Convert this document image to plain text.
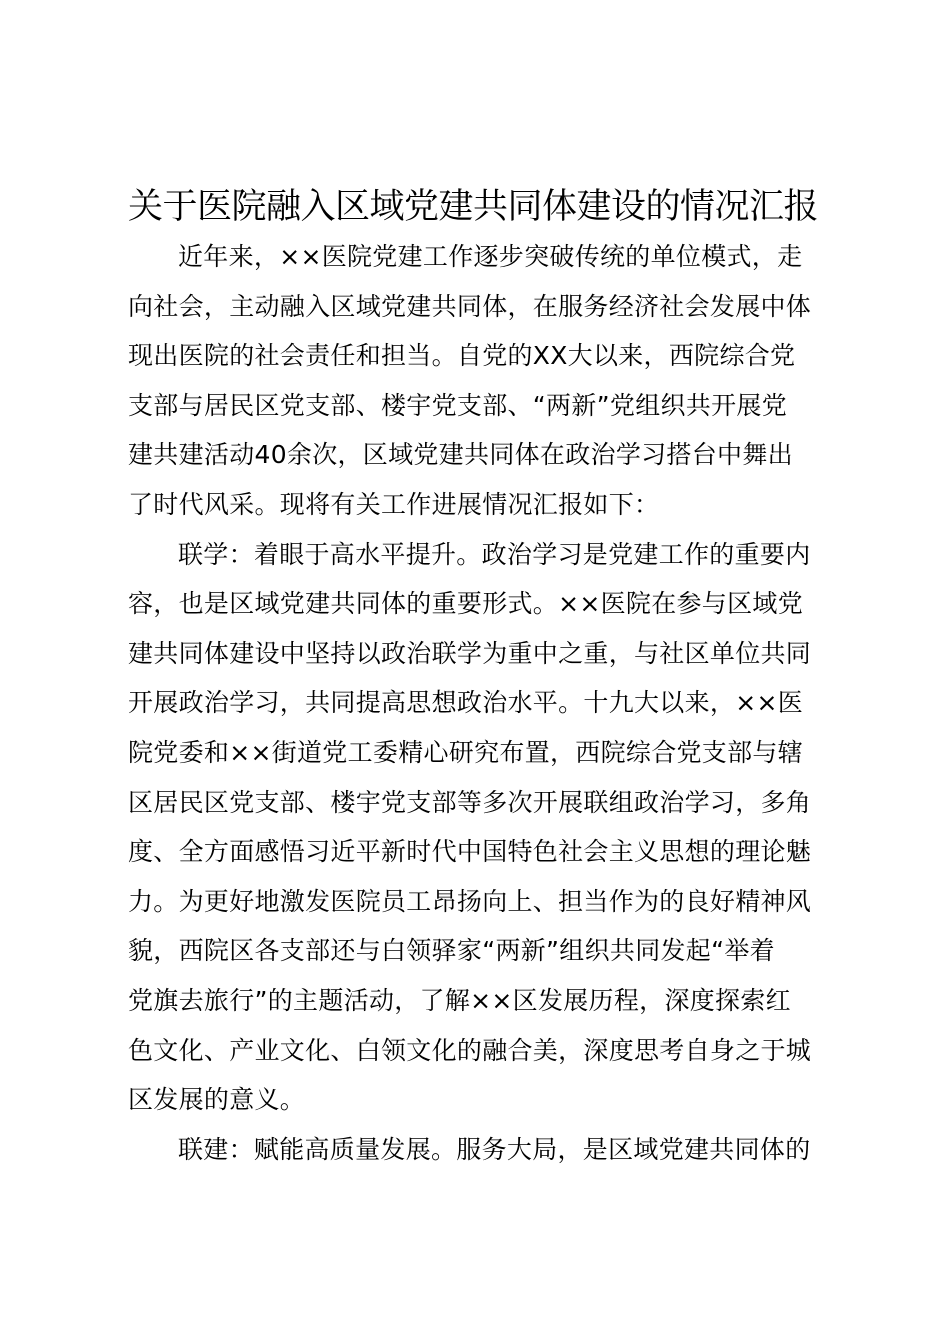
关于医院融入区域党建共同体建设的情况汇报

近年来，××医院党建工作逐步突破传统的单位模式，走
向社会，主动融入区域党建共同体，在服务经济社会发展中体
现出医院的社会责任和担当。自党的XX大以来，西院综合党
支部与居民区党支部、楼宇党支部、“两新”党组织共开展党
建共建活动40余次，区域党建共同体在政治学习搭台中舞出
了时代风采。现将有关工作进展情况汇报如下：

联学：着眼于高水平提升。政治学习是党建工作的重要内
容，也是区域党建共同体的重要形式。××医院在参与区域党
建共同体建设中坚持以政治联学为重中之重，与社区单位共同
开展政治学习，共同提高思想政治水平。十九大以来，××医
院党委和××街道党工委精心研究布置，西院综合党支部与辖
区居民区党支部、楼宇党支部等多次开展联组政治学习，多角
度、全方面感悟习近平新时代中国特色社会主义思想的理论魅
力。为更好地激发医院员工昂扬向上、担当作为的良好精神风
貌，西院区各支部还与白领驿家“两新”组织共同发起“举着
党旗去旅行”的主题活动，了解××区发展历程，深度探索红
色文化、产业文化、白领文化的融合美，深度思考自身之于城
区发展的意义。

联建：赋能高质量发展。服务大局，是区域党建共同体的
